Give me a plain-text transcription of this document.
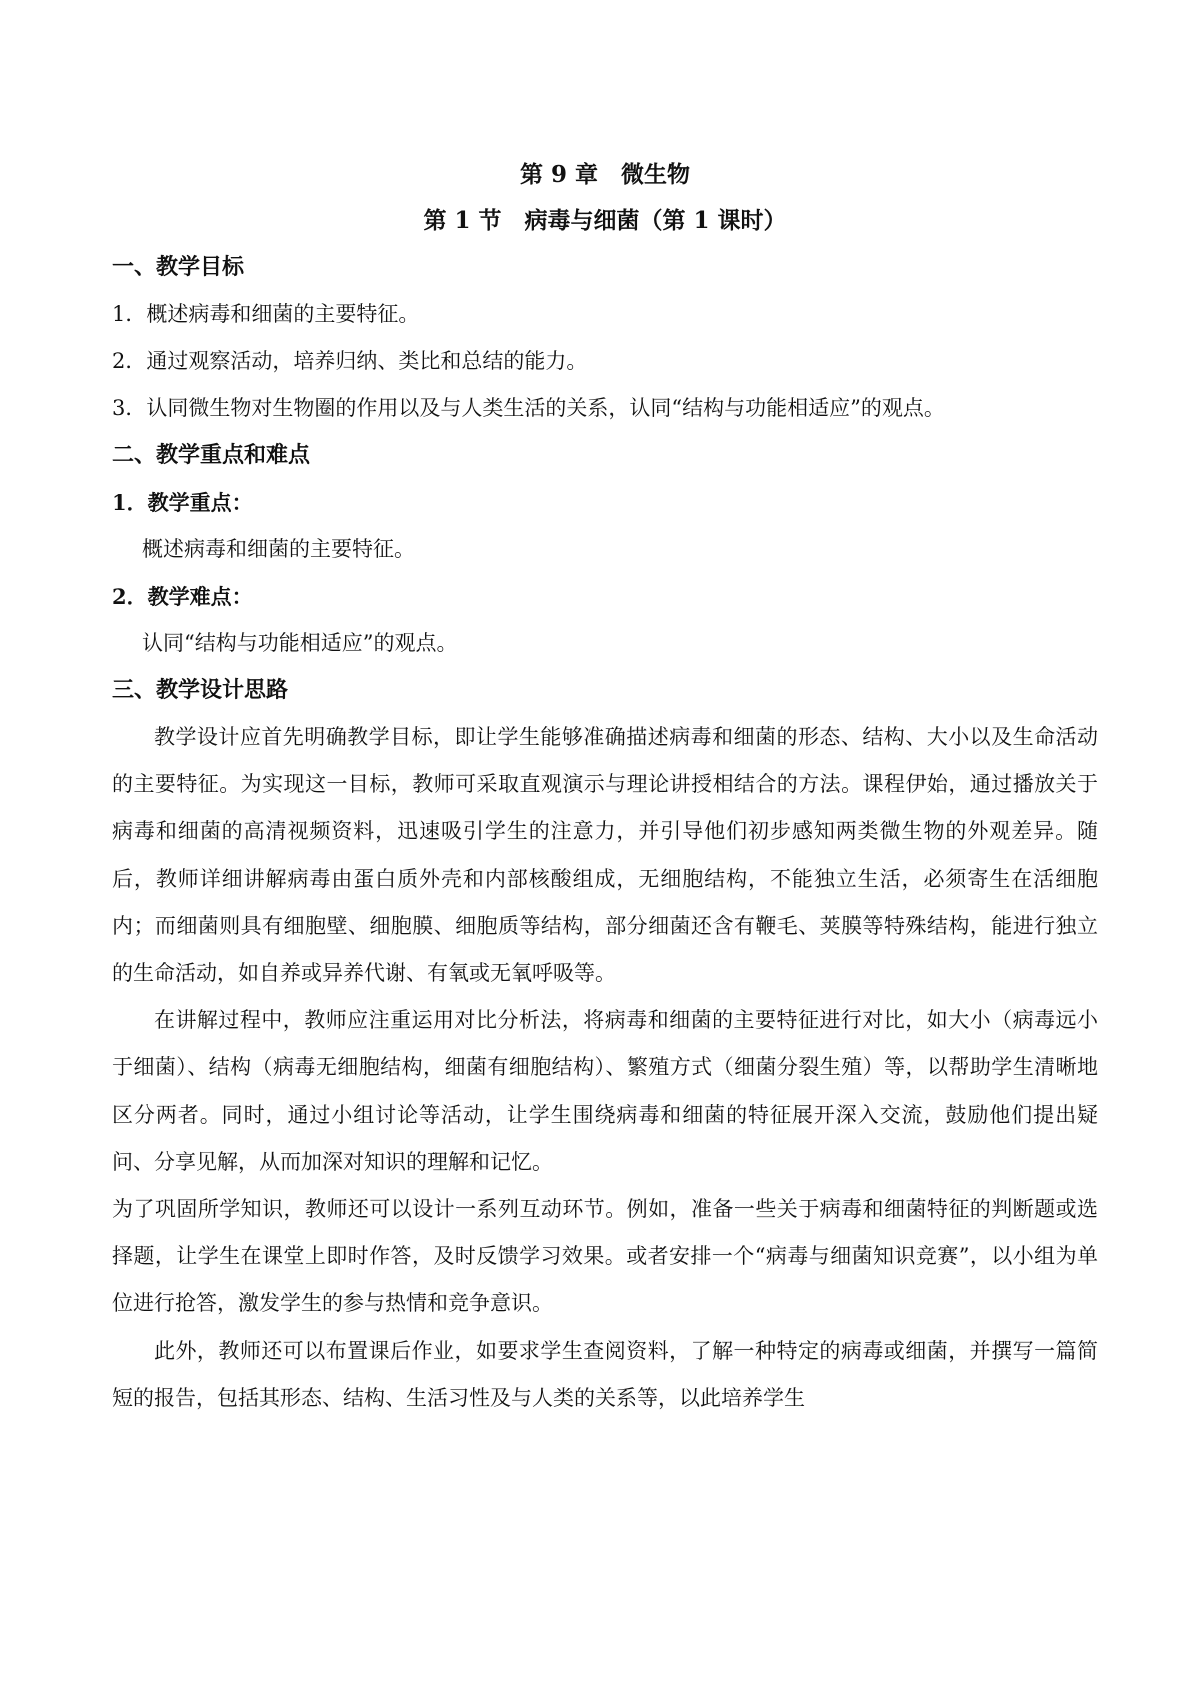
第 9 章　微生物

第 1 节　病毒与细菌（第 1 课时）

一、教学目标

1．概述病毒和细菌的主要特征。

2．通过观察活动，培养归纳、类比和总结的能力。

3．认同微生物对生物圈的作用以及与人类生活的关系，认同“结构与功能相适应”的观点。

二、教学重点和难点

1．教学重点：

概述病毒和细菌的主要特征。

2．教学难点：

认同“结构与功能相适应”的观点。

三、教学设计思路

教学设计应首先明确教学目标，即让学生能够准确描述病毒和细菌的形态、结构、大小以及生命活动的主要特征。为实现这一目标，教师可采取直观演示与理论讲授相结合的方法。课程伊始，通过播放关于病毒和细菌的高清视频资料，迅速吸引学生的注意力，并引导他们初步感知两类微生物的外观差异。随后，教师详细讲解病毒由蛋白质外壳和内部核酸组成，无细胞结构，不能独立生活，必须寄生在活细胞内；而细菌则具有细胞壁、细胞膜、细胞质等结构，部分细菌还含有鞭毛、荚膜等特殊结构，能进行独立的生命活动，如自养或异养代谢、有氧或无氧呼吸等。

在讲解过程中，教师应注重运用对比分析法，将病毒和细菌的主要特征进行对比，如大小（病毒远小于细菌）、结构（病毒无细胞结构，细菌有细胞结构）、繁殖方式（细菌分裂生殖）等，以帮助学生清晰地区分两者。同时，通过小组讨论等活动，让学生围绕病毒和细菌的特征展开深入交流，鼓励他们提出疑问、分享见解，从而加深对知识的理解和记忆。

为了巩固所学知识，教师还可以设计一系列互动环节。例如，准备一些关于病毒和细菌特征的判断题或选择题，让学生在课堂上即时作答，及时反馈学习效果。或者安排一个“病毒与细菌知识竞赛”，以小组为单位进行抢答，激发学生的参与热情和竞争意识。

此外，教师还可以布置课后作业，如要求学生查阅资料，了解一种特定的病毒或细菌，并撰写一篇简短的报告，包括其形态、结构、生活习性及与人类的关系等，以此培养学生
